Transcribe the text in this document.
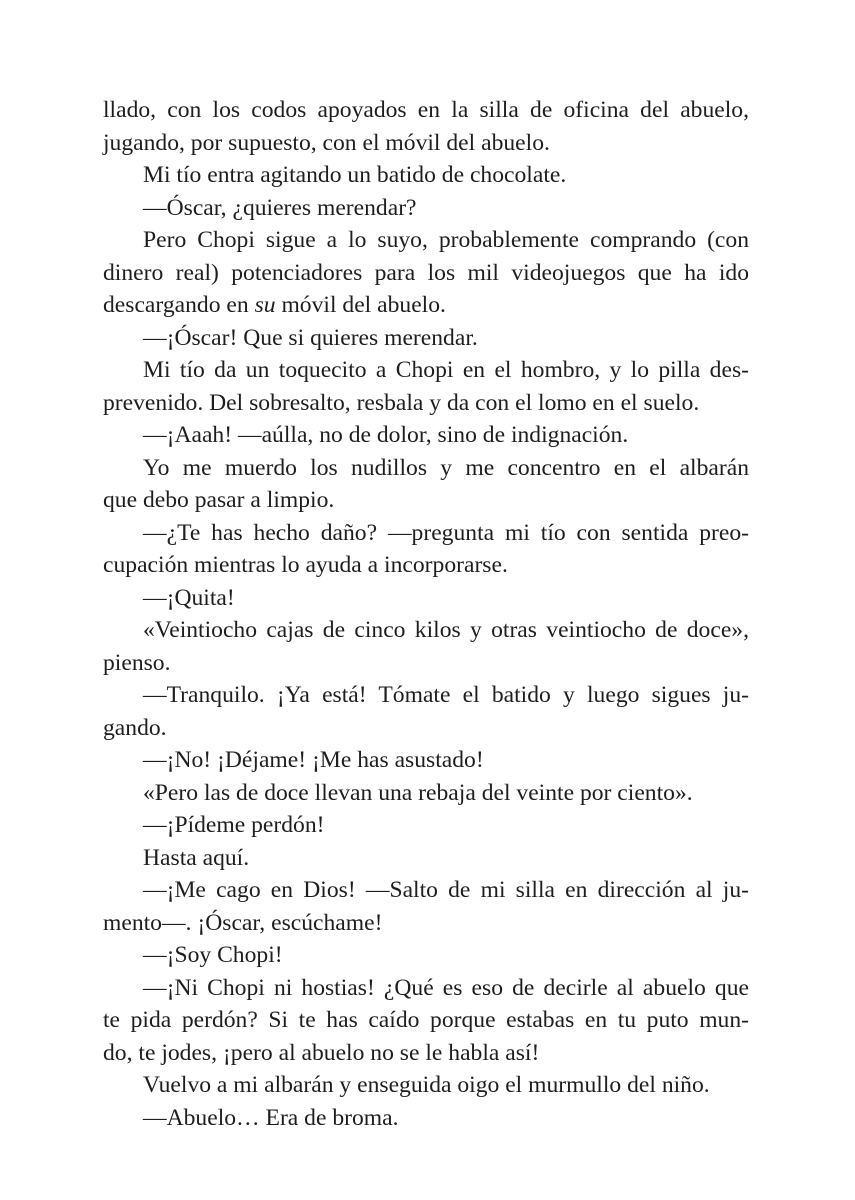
llado, con los codos apoyados en la silla de oficina del abuelo,
jugando, por supuesto, con el móvil del abuelo.
Mi tío entra agitando un batido de chocolate.
—Óscar, ¿quieres merendar?
Pero Chopi sigue a lo suyo, probablemente comprando (con
dinero real) potenciadores para los mil videojuegos que ha ido
descargando en su móvil del abuelo.
—¡Óscar! Que si quieres merendar.
Mi tío da un toquecito a Chopi en el hombro, y lo pilla des-
prevenido. Del sobresalto, resbala y da con el lomo en el suelo.
—¡Aaah! —aúlla, no de dolor, sino de indignación.
Yo me muerdo los nudillos y me concentro en el albarán
que debo pasar a limpio.
—¿Te has hecho daño? —pregunta mi tío con sentida preo-
cupación mientras lo ayuda a incorporarse.
—¡Quita!
«Veintiocho cajas de cinco kilos y otras veintiocho de doce»,
pienso.
—Tranquilo. ¡Ya está! Tómate el batido y luego sigues ju-
gando.
—¡No! ¡Déjame! ¡Me has asustado!
«Pero las de doce llevan una rebaja del veinte por ciento».
—¡Pídeme perdón!
Hasta aquí.
—¡Me cago en Dios! —Salto de mi silla en dirección al ju-
mento—. ¡Óscar, escúchame!
—¡Soy Chopi!
—¡Ni Chopi ni hostias! ¿Qué es eso de decirle al abuelo que
te pida perdón? Si te has caído porque estabas en tu puto mun-
do, te jodes, ¡pero al abuelo no se le habla así!
Vuelvo a mi albarán y enseguida oigo el murmullo del niño.
—Abuelo… Era de broma.
